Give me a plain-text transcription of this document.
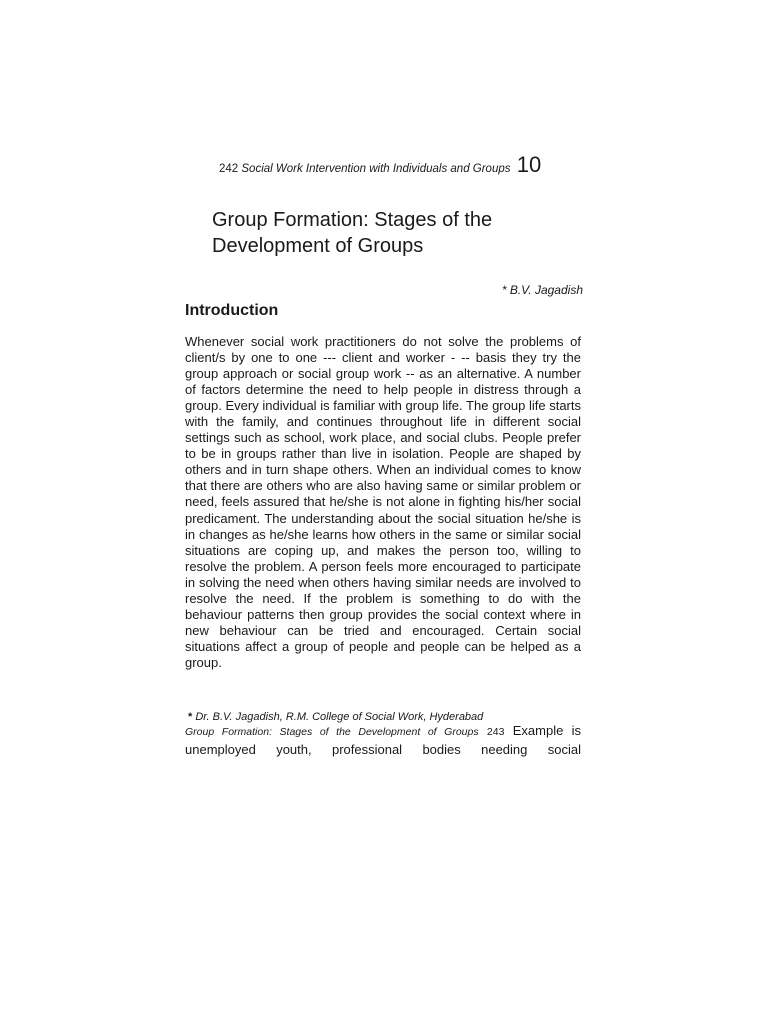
242 Social Work Intervention with Individuals and Groups 10
Group Formation: Stages of the Development of Groups
* B.V. Jagadish
Introduction

Whenever social work practitioners do not solve the problems of client/s by one to one --- client and worker - -- basis they try the group approach or social group work -- as an alternative. A number of factors determine the need to help people in distress through a group. Every individual is familiar with group life. The group life starts with the family, and continues throughout life in different social settings such as school, work place, and social clubs. People prefer to be in groups rather than live in isolation. People are shaped by others and in turn shape others. When an individual comes to know that there are others who are also having same or similar problem or need, feels assured that he/she is not alone in fighting his/her social predicament. The understanding about the social situation he/she is in changes as he/she learns how others in the same or similar social situations are coping up, and makes the person too, willing to resolve the problem. A person feels more encouraged to participate in solving the need when others having similar needs are involved to resolve the need. If the problem is something to do with the behaviour patterns then group provides the social context where in new behaviour can be tried and encouraged. Certain social situations affect a group of people and people can be helped as a group.

* Dr. B.V. Jagadish, R.M. College of Social Work, Hyderabad
Group Formation: Stages of the Development of Groups 243 Example is unemployed youth, professional bodies needing social
